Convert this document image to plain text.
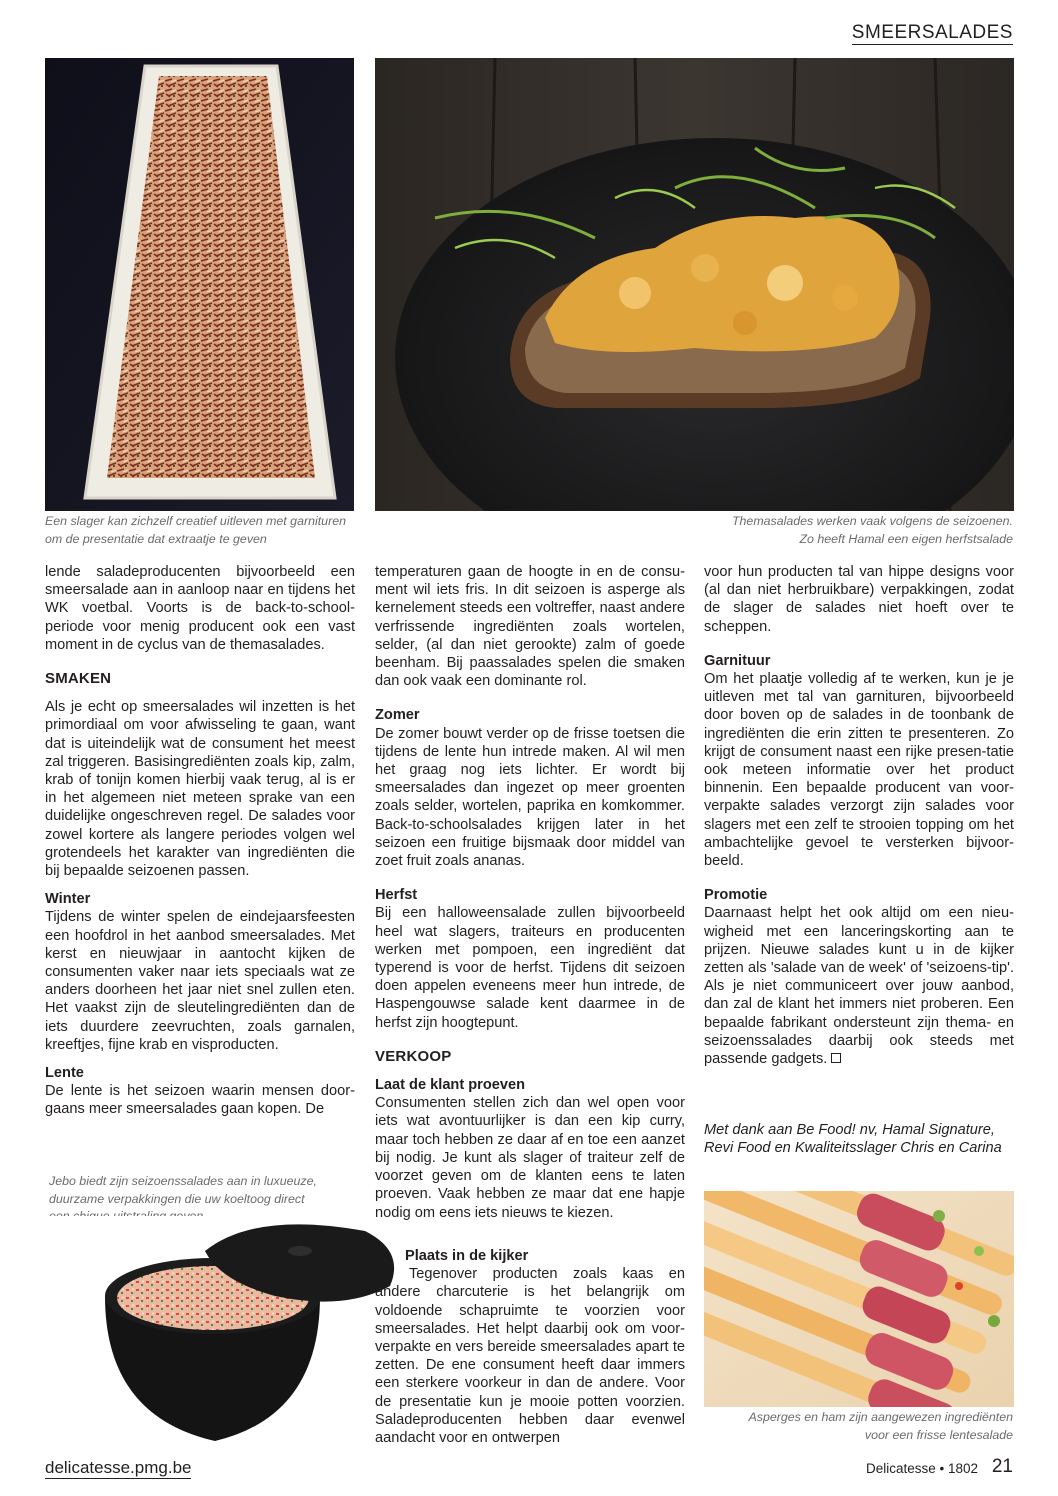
SMEERSALADES
Een slager kan zichzelf creatief uitleven met garnituren
om de presentatie dat extraatje te geven
Themasalades werken vaak volgens de seizoenen.
Zo heeft Hamal een eigen herfstsalade

lende saladeproducenten bijvoorbeeld een smeersalade aan in aanloop naar en tijdens het WK voetbal. Voorts is de back-to-school-periode voor menig producent ook een vast moment in de cyclus van de themasalades.

SMAKEN

Als je echt op smeersalades wil inzetten is het primordiaal om voor afwisseling te gaan, want dat is uiteindelijk wat de consument het meest zal triggeren. Basisingrediënten zoals kip, zalm, krab of tonijn komen hierbij vaak terug, al is er in het algemeen niet meteen sprake van een duidelijke ongeschreven regel. De salades voor zowel kortere als langere periodes volgen wel grotendeels het karakter van ingrediënten die bij bepaalde seizoenen passen.

Winter

Tijdens de winter spelen de eindejaarsfeesten een hoofdrol in het aanbod smeersalades. Met kerst en nieuwjaar in aantocht kijken de consumenten vaker naar iets speciaals wat ze anders doorheen het jaar niet snel zullen eten. Het vaakst zijn de sleutelingrediënten dan de iets duurdere zeevruchten, zoals garnalen, kreeftjes, fijne krab en visproducten.

Lente

De lente is het seizoen waarin mensen door-gaans meer smeersalades gaan kopen. De

Jebo biedt zijn seizoenssalades aan in luxueuze,
duurzame verpakkingen die uw koeltoog direct

temperaturen gaan de hoogte in en de consu-ment wil iets fris. In dit seizoen is asperge als kernelement steeds een voltreffer, naast andere verfrissende ingrediënten zoals wortelen, selder, (al dan niet gerookte) zalm of goede beenham. Bij paassalades spelen die smaken dan ook vaak een dominante rol.

Zomer

De zomer bouwt verder op de frisse toetsen die tijdens de lente hun intrede maken. Al wil men het graag nog iets lichter. Er wordt bij smeersalades dan ingezet op meer groenten zoals selder, wortelen, paprika en komkommer. Back-to-schoolsalades krijgen later in het seizoen een fruitige bijsmaak door middel van zoet fruit zoals ananas.

Herfst

Bij een halloweensalade zullen bijvoorbeeld heel wat slagers, traiteurs en producenten werken met pompoen, een ingrediënt dat typerend is voor de herfst. Tijdens dit seizoen doen appelen eveneens meer hun intrede, de Haspengouwse salade kent daarmee in de herfst zijn hoogtepunt.

VERKOOP
Laat de klant proeven

Consumenten stellen zich dan wel open voor iets wat avontuurlijker is dan een kip curry, maar toch hebben ze daar af en toe een aanzet bij nodig. Je kunt als slager of traiteur zelf de voorzet geven om de klanten eens te laten proeven. Vaak hebben ze maar dat ene hapje nodig om eens iets nieuws te kiezen.

Plaats in de kijker

Tegenover producten zoals kaas en andere charcuterie is het belangrijk om voldoende schapruimte te voorzien voor smeersalades. Het helpt daarbij ook om voor-verpakte en vers bereide smeersalades apart te zetten. De ene consument heeft daar immers een sterkere voorkeur in dan de andere. Voor de presentatie kun je mooie potten voorzien. Saladeproducenten hebben daar evenwel aandacht voor en ontwerpen

voor hun producten tal van hippe designs voor (al dan niet herbruikbare) verpakkingen, zodat de slager de salades niet hoeft over te scheppen.

Garnituur

Om het plaatje volledig af te werken, kun je je uitleven met tal van garnituren, bijvoorbeeld door boven op de salades in de toonbank de ingrediënten die erin zitten te presenteren. Zo krijgt de consument naast een rijke presen-tatie ook meteen informatie over het product binnenin. Een bepaalde producent van voor-verpakte salades verzorgt zijn salades voor slagers met een zelf te strooien topping om het ambachtelijke gevoel te versterken bijvoor-beeld.

Promotie

Daarnaast helpt het ook altijd om een nieu-wigheid met een lanceringskorting aan te prijzen. Nieuwe salades kunt u in de kijker zetten als 'salade van de week' of 'seizoens-tip'. Als je niet communiceert over jouw aanbod, dan zal de klant het immers niet proberen. Een bepaalde fabrikant ondersteunt zijn thema- en seizoenssalades daarbij ook steeds met passende gadgets.

Met dank aan Be Food! nv, Hamal Signature,
Revi Food en Kwaliteitsslager Chris en Carina
Asperges en ham zijn aangewezen ingrediënten
voor een frisse lentesalade
delicatesse.pmg.be	Delicatesse • 1802 21
